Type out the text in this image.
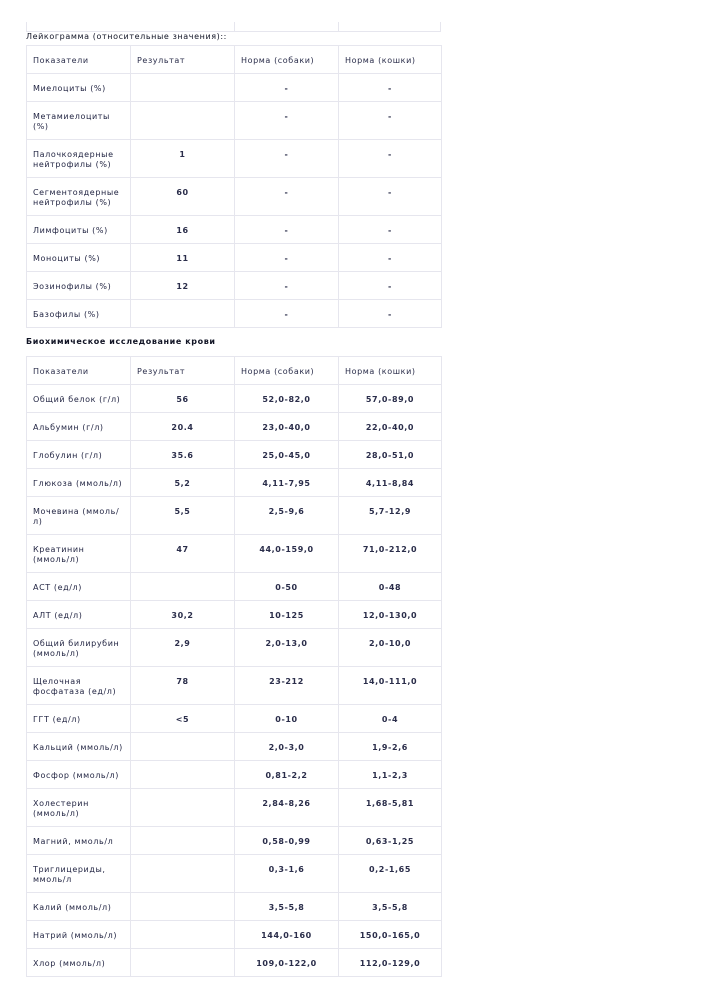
Лейкограмма (относительные значения)::
Показатели	Результат	Норма (собаки)	Норма (кошки)
Миелоциты (%)		-	-
Метамиелоциты (%)		-	-
Палочкоядерные нейтрофилы (%)	1	-	-
Сегментоядерные нейтрофилы (%)	60	-	-
Лимфоциты (%)	16	-	-
Моноциты (%)	11	-	-
Эозинофилы (%)	12	-	-
Базофилы (%)		-	-
Биохимическое исследование крови
Показатели	Результат	Норма (собаки)	Норма (кошки)
Общий белок (г/л)	56	52,0-82,0	57,0-89,0
Альбумин (г/л)	20.4	23,0-40,0	22,0-40,0
Глобулин (г/л)	35.6	25,0-45,0	28,0-51,0
Глюкоза (ммоль/л)	5,2	4,11-7,95	4,11-8,84
Мочевина (ммоль/л)	5,5	2,5-9,6	5,7-12,9
Креатинин (ммоль/л)	47	44,0-159,0	71,0-212,0
АСТ (ед/л)		0-50	0-48
АЛТ (ед/л)	30,2	10-125	12,0-130,0
Общий билирубин (ммоль/л)	2,9	2,0-13,0	2,0-10,0
Щелочная фосфатаза (ед/л)	78	23-212	14,0-111,0
ГГТ (ед/л)	<5	0-10	0-4
Кальций (ммоль/л)		2,0-3,0	1,9-2,6
Фосфор (ммоль/л)		0,81-2,2	1,1-2,3
Холестерин (ммоль/л)		2,84-8,26	1,68-5,81
Магний, ммоль/л		0,58-0,99	0,63-1,25
Триглицериды, ммоль/л		0,3-1,6	0,2-1,65
Калий (ммоль/л)		3,5-5,8	3,5-5,8
Натрий (ммоль/л)		144,0-160	150,0-165,0
Хлор (ммоль/л)		109,0-122,0	112,0-129,0
